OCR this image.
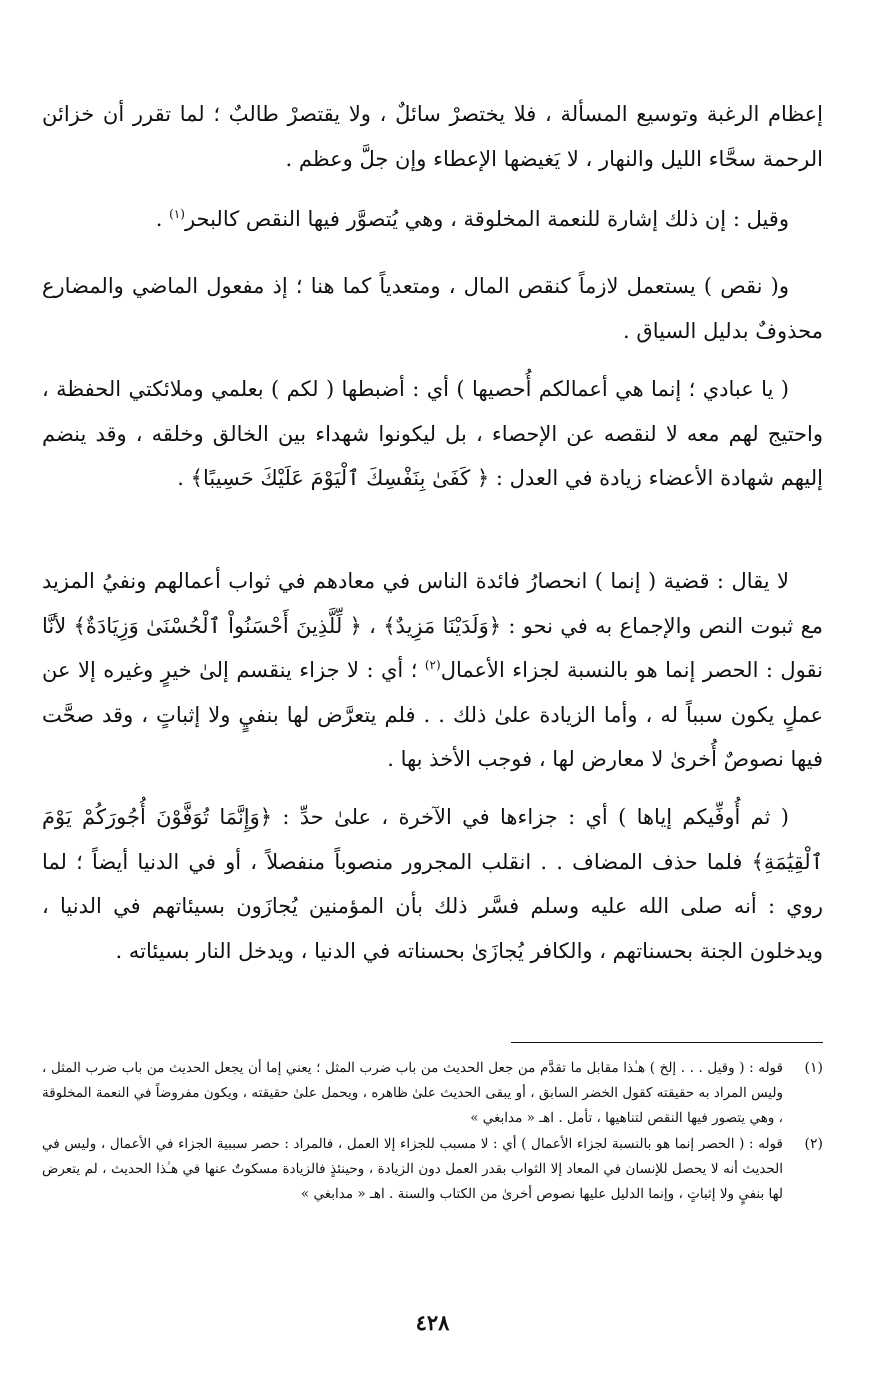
إعظام الرغبة وتوسيع المسألة ، فلا يختصرْ سائلٌ ، ولا يقتصرْ طالبٌ ؛ لما تقرر أن خزائن الرحمة سحَّاء الليل والنهار ، لا يَغيضها الإعطاء وإن جلَّ وعظم .

وقيل : إن ذلك إشارة للنعمة المخلوقة ، وهي يُتصوَّر فيها النقص كالبحر$^{(١)}$ .

و( نقص ) يستعمل لازماً كنقص المال ، ومتعدياً كما هنا ؛ إذ مفعول الماضي والمضارع محذوفٌ بدليل السياق .

( يا عبادي ؛ إنما هي أعمالكم أُحصيها ) أي : أضبطها ( لكم ) بعلمي وملائكتي الحفظة ، واحتيج لهم معه لا لنقصه عن الإحصاء ، بل ليكونوا شهداء بين الخالق وخلقه ، وقد ينضم إليهم شهادة الأعضاء زيادة في العدل : ﴿ كَفَىٰ بِنَفْسِكَ ٱلْيَوْمَ عَلَيْكَ حَسِيبًا﴾ .

لا يقال : قضية ( إنما ) انحصارُ فائدة الناس في معادهم في ثواب أعمالهم ونفيُ المزيد مع ثبوت النص والإجماع به في نحو : ﴿وَلَدَيْنَا مَزِيدٌ﴾ ، ﴿ لِّلَّذِينَ أَحْسَنُواْ ٱلْحُسْنَىٰ وَزِيَادَةٌ﴾ لأنَّا نقول : الحصر إنما هو بالنسبة لجزاء الأعمال$^{(٢)}$ ؛ أي : لا جزاء ينقسم إلىٰ خيرٍ وغيره إلا عن عملٍ يكون سبباً له ، وأما الزيادة علىٰ ذلك . . فلم يتعرَّض لها بنفيٍ ولا إثباتٍ ، وقد صحَّت فيها نصوصٌ أُخرىٰ لا معارض لها ، فوجب الأخذ بها .

( ثم أُوفِّيكم إياها ) أي : جزاءها في الآخرة ، علىٰ حدِّ : ﴿وَإِنَّمَا تُوَفَّوْنَ أُجُورَكُمْ يَوْمَ ٱلْقِيَٰمَةِ﴾ فلما حذف المضاف . . انقلب المجرور منصوباً منفصلاً ، أو في الدنيا أيضاً ؛ لما روي : أنه صلى الله عليه وسلم فسَّر ذلك بأن المؤمنين يُجازَون بسيئاتهم في الدنيا ، ويدخلون الجنة بحسناتهم ، والكافر يُجازَىٰ بحسناته في الدنيا ، ويدخل النار بسيئاته .

(١)
قوله : ( وقيل . . . إلخ ) هـٰذا مقابل ما تقدَّم من جعل الحديث من باب ضرب المثل ؛ يعني إما أن يجعل الحديث من باب ضرب المثل ، وليس المراد به حقيقته كقول الخضر السابق ، أو يبقى الحديث علىٰ ظاهره ، ويحمل علىٰ حقيقته ، ويكون مفروضاً في النعمة المخلوقة ، وهي يتصور فيها النقص لتناهيها ، تأمل . اهـ « مدابغي »
(٢)
قوله : ( الحصر إنما هو بالنسبة لجزاء الأعمال ) أي : لا مسبب للجزاء إلا العمل ، فالمراد : حصر سببية الجزاء في الأعمال ، وليس في الحديث أنه لا يحصل للإنسان في المعاد إلا الثواب بقدر العمل دون الزيادة ، وحينئذٍ فالزيادة مسكوتٌ عنها في هـٰذا الحديث ، لم يتعرض لها بنفيٍ ولا إثباتٍ ، وإنما الدليل عليها نصوص أخرىٰ من الكتاب والسنة . اهـ « مدابغي »
٤٢٨
